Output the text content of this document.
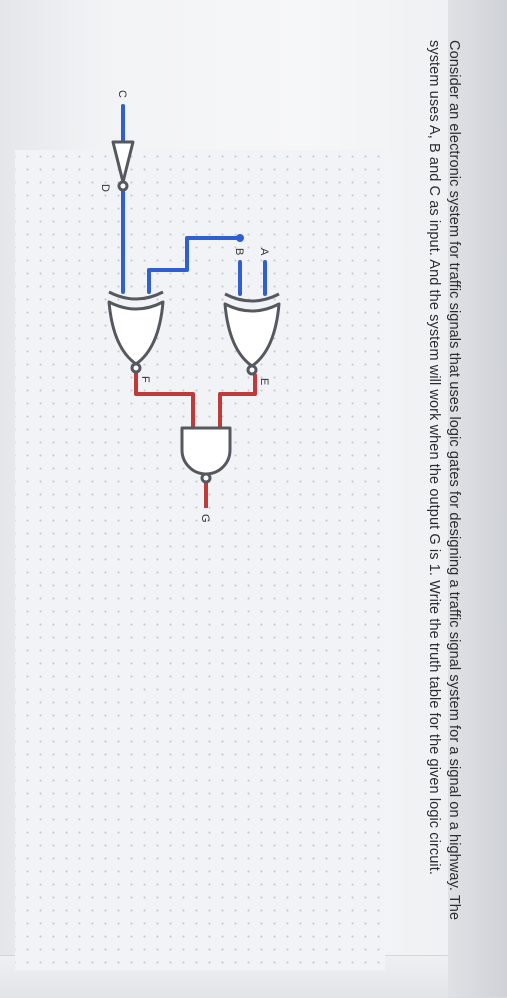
Consider an electronic system for traffic signals that uses logic gates for designing a traffic signal system for a signal on a highway. The system uses A, B and C as input. And the system will work when the output G is 1. Write the truth table for the given logic circuit.

A
B
C
D
E
F
G
